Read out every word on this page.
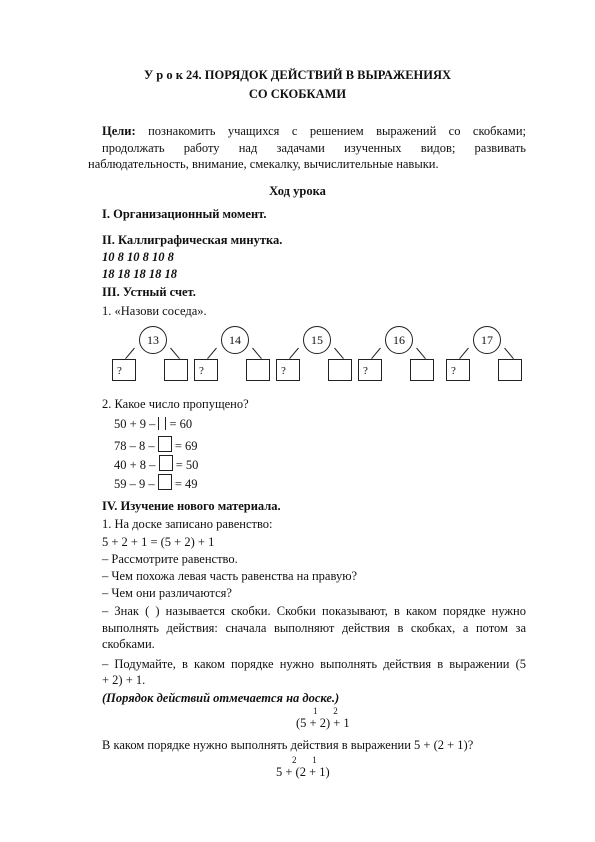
У р о к 24. ПОРЯДОК ДЕЙСТВИЙ В ВЫРАЖЕНИЯХ
СО СКОБКАМИ
Цели: познакомить учащихся с решением выражений со скобками;
продолжать работу над задачами изученных видов; развивать
наблюдательность, внимание, смекалку, вычислительные навыки.
Ход урока
I. Организационный момент.
II. Каллиграфическая минутка.
10 8 10 8 10 8
18 18 18 18 18
III. Устный счет.
1. «Назови соседа».
13
?
14
?
15
?
16
?
17
?
2. Какое число пропущено?
50 + 9 – = 60
78 – 8 – = 69
40 + 8 – = 50
59 – 9 – = 49
IV. Изучение нового материала.
1. На доске записано равенство:
5 + 2 + 1 = (5 + 2) + 1
– Рассмотрите равенство.
– Чем похожа левая часть равенства на правую?
– Чем они различаются?
– Знак ( ) называется скобки. Скобки показывают, в каком порядке нужно
выполнять действия: сначала выполняют действия в скобках, а потом за
скобками.
– Подумайте, в каком порядке нужно выполнять действия в выражении (5
+ 2) + 1.
(Порядок действий отмечается на доске.)
1       2
(5 + 2) + 1
В каком порядке нужно выполнять действия в выражении 5 + (2 + 1)?
2       1
5 + (2 + 1)
